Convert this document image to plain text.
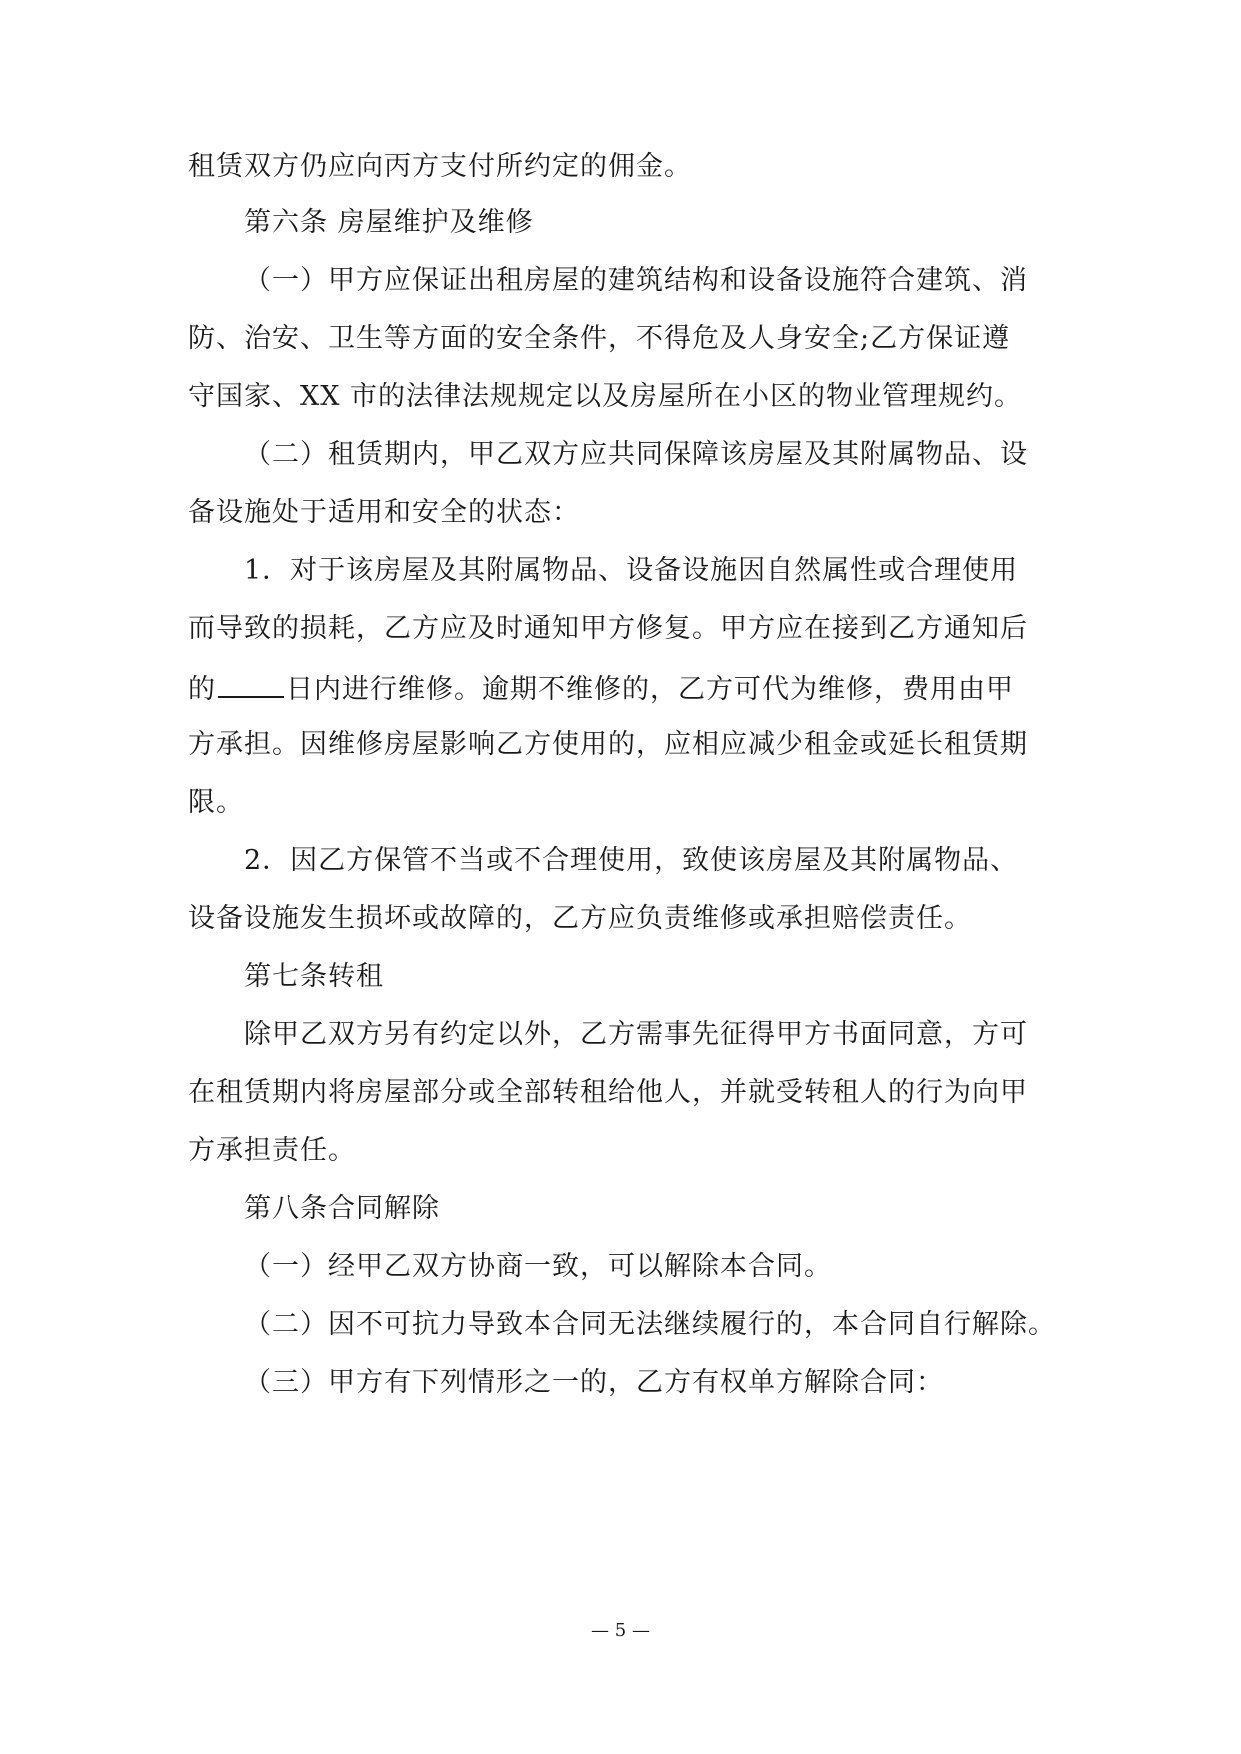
租赁双方仍应向丙方支付所约定的佣金。
第六条 房屋维护及维修
（一）甲方应保证出租房屋的建筑结构和设备设施符合建筑、消
防、治安、卫生等方面的安全条件，不得危及人身安全;乙方保证遵
守国家、XX 市的法律法规规定以及房屋所在小区的物业管理规约。
（二）租赁期内，甲乙双方应共同保障该房屋及其附属物品、设
备设施处于适用和安全的状态：
1．对于该房屋及其附属物品、设备设施因自然属性或合理使用
而导致的损耗，乙方应及时通知甲方修复。甲方应在接到乙方通知后
的	日内进行维修。逾期不维修的，乙方可代为维修，费用由甲
方承担。因维修房屋影响乙方使用的，应相应减少租金或延长租赁期
限。
2．因乙方保管不当或不合理使用，致使该房屋及其附属物品、
设备设施发生损坏或故障的，乙方应负责维修或承担赔偿责任。
第七条转租
除甲乙双方另有约定以外，乙方需事先征得甲方书面同意，方可
在租赁期内将房屋部分或全部转租给他人，并就受转租人的行为向甲
方承担责任。
第八条合同解除
（一）经甲乙双方协商一致，可以解除本合同。
（二）因不可抗力导致本合同无法继续履行的，本合同自行解除。
（三）甲方有下列情形之一的，乙方有权单方解除合同：
— 5 —
